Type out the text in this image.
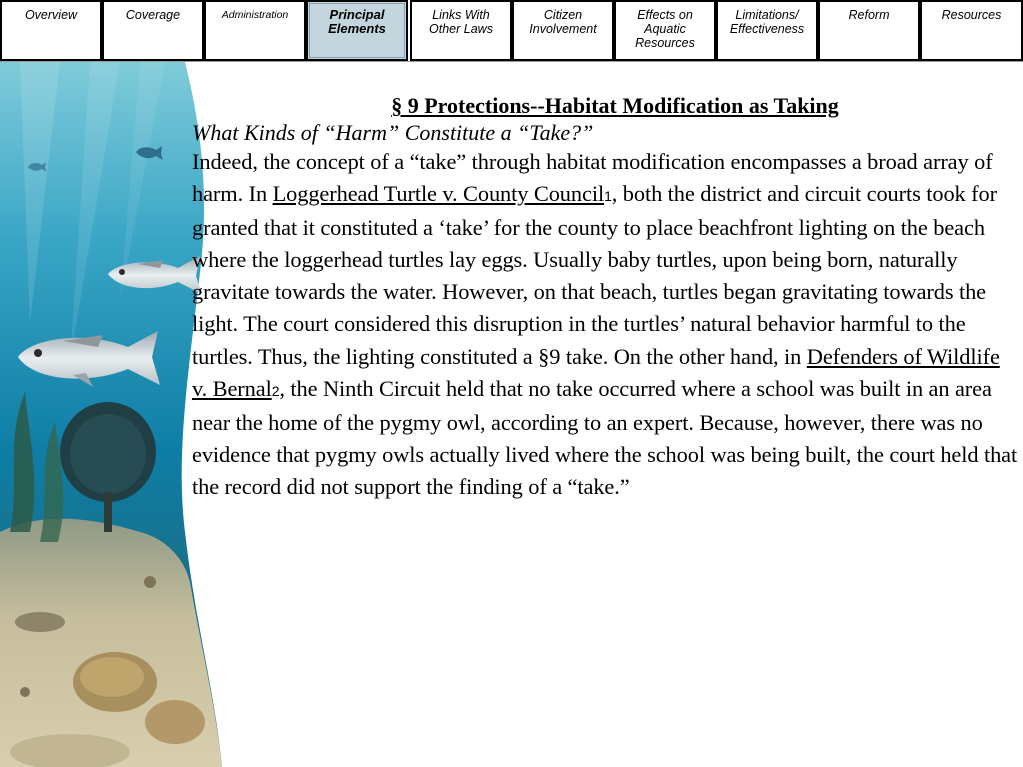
Overview	Coverage	Administration	Principal Elements
Links With Other Laws
Citizen Involvement
Effects on Aquatic Resources
Limitations/ Effectiveness
Reform	Resources
§ 9 Protections--Habitat Modification as Taking
What Kinds of “Harm” Constitute a “Take?”

Indeed, the concept of a “take” through habitat modification encompasses a broad array of harm. In Loggerhead Turtle v. County Council1, both the district and circuit courts took for granted that it constituted a ‘take’ for the county to place beachfront lighting on the beach where the loggerhead turtles lay eggs. Usually baby turtles, upon being born, naturally gravitate towards the water. However, on that beach, turtles began gravitating towards the light. The court considered this disruption in the turtles’ natural behavior harmful to the turtles. Thus, the lighting constituted a §9 take. On the other hand, in Defenders of Wildlife v. Bernal2, the Ninth Circuit held that no take occurred where a school was built in an area near the home of the pygmy owl, according to an expert. Because, however, there was no evidence that pygmy owls actually lived where the school was being built, the court held that the record did not support the finding of a “take.”
